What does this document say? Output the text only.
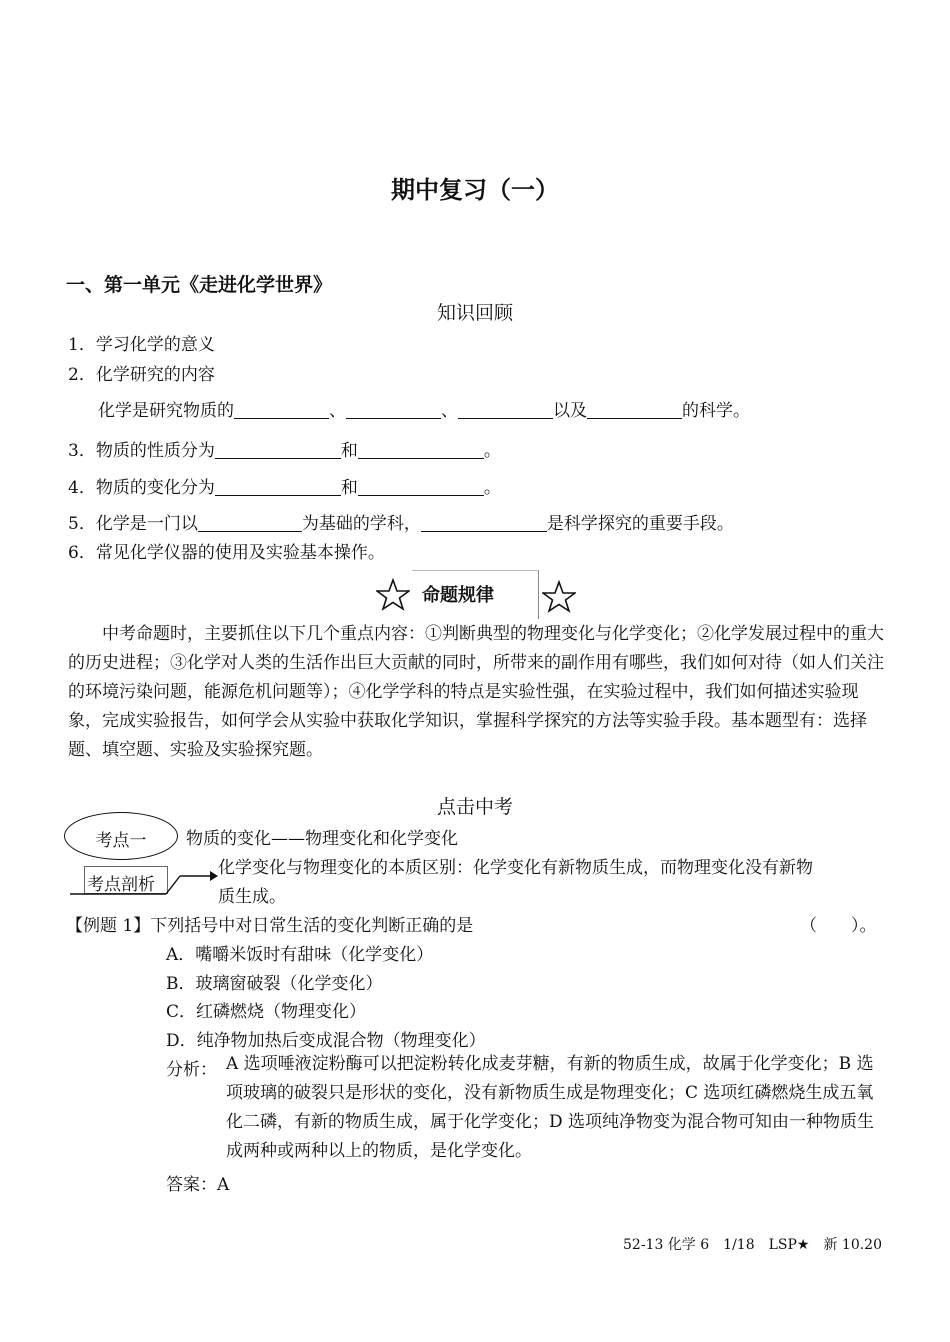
期中复习（一）
一、第一单元《走进化学世界》
知识回顾
1．学习化学的意义
2．化学研究的内容
化学是研究物质的	、	、	以及	的科学。
3．物质的性质分为	和	。
4．物质的变化分为	和	。
5．化学是一门以	为基础的学科，	是科学探究的重要手段。
6．常见化学仪器的使用及实验基本操作。
命题规律
中考命题时，主要抓住以下几个重点内容：①判断典型的物理变化与化学变化；②化学发展过程中的重大的历史进程；③化学对人类的生活作出巨大贡献的同时，所带来的副作用有哪些，我们如何对待（如人们关注的环境污染问题，能源危机问题等）；④化学学科的特点是实验性强，在实验过程中，我们如何描述实验现象，完成实验报告，如何学会从实验中获取化学知识，掌握科学探究的方法等实验手段。基本题型有：选择题、填空题、实验及实验探究题。
点击中考
考点一	物质的变化——物理变化和化学变化
考点剖析
化学变化与物理变化的本质区别：化学变化有新物质生成，而物理变化没有新物
质生成。
【例题 1】下列括号中对日常生活的变化判断正确的是	（　　）。
A．嘴嚼米饭时有甜味（化学变化）
B．玻璃窗破裂（化学变化）
C．红磷燃烧（物理变化）
D．纯净物加热后变成混合物（物理变化）
分析： A 选项唾液淀粉酶可以把淀粉转化成麦芽糖，有新的物质生成，故属于化学变化；B 选项玻璃的破裂只是形状的变化，没有新物质生成是物理变化；C 选项红磷燃烧生成五氧化二磷，有新的物质生成，属于化学变化；D 选项纯净物变为混合物可知由一种物质生成两种或两种以上的物质，是化学变化。
答案：A
52-13 化学 6　1/18　LSP★　新 10.20
